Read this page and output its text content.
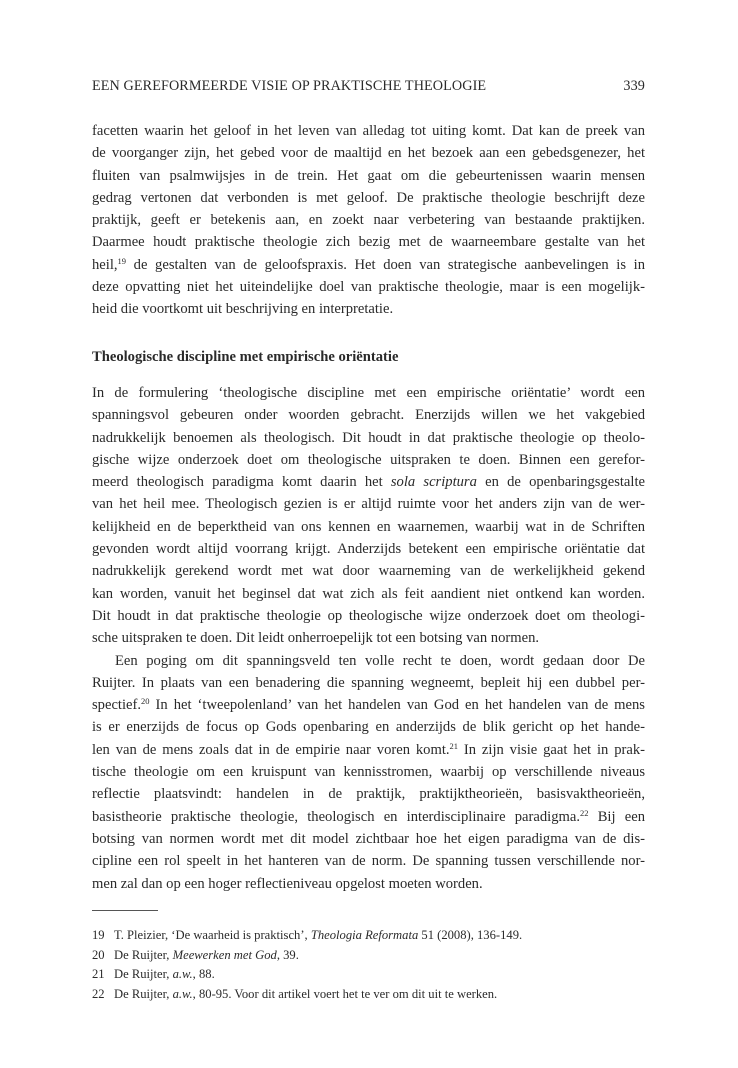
EEN GEREFORMEERDE VISIE OP PRAKTISCHE THEOLOGIE	339
facetten waarin het geloof in het leven van alledag tot uiting komt. Dat kan de preek van
de voorganger zijn, het gebed voor de maaltijd en het bezoek aan een gebedsgenezer, het
fluiten van psalmwijsjes in de trein. Het gaat om die gebeurtenissen waarin mensen
gedrag vertonen dat verbonden is met geloof. De praktische theologie beschrijft deze
praktijk, geeft er betekenis aan, en zoekt naar verbetering van bestaande praktijken.
Daarmee houdt praktische theologie zich bezig met de waarneembare gestalte van het
heil,$^{19}$ de gestalten van de geloofspraxis. Het doen van strategische aanbevelingen is in
deze opvatting niet het uiteindelijke doel van praktische theologie, maar is een mogelijk-
heid die voortkomt uit beschrijving en interpretatie.
Theologische discipline met empirische oriëntatie
In de formulering ‘theologische discipline met een empirische oriëntatie’ wordt een
spanningsvol gebeuren onder woorden gebracht. Enerzijds willen we het vakgebied
nadrukkelijk benoemen als theologisch. Dit houdt in dat praktische theologie op theolo-
gische wijze onderzoek doet om theologische uitspraken te doen. Binnen een gerefor-
meerd theologisch paradigma komt daarin het sola scriptura en de openbaringsgestalte
van het heil mee. Theologisch gezien is er altijd ruimte voor het anders zijn van de wer-
kelijkheid en de beperktheid van ons kennen en waarnemen, waarbij wat in de Schriften
gevonden wordt altijd voorrang krijgt. Anderzijds betekent een empirische oriëntatie dat
nadrukkelijk gerekend wordt met wat door waarneming van de werkelijkheid gekend
kan worden, vanuit het beginsel dat wat zich als feit aandient niet ontkend kan worden.
Dit houdt in dat praktische theologie op theologische wijze onderzoek doet om theologi-
sche uitspraken te doen. Dit leidt onherroepelijk tot een botsing van normen.
Een poging om dit spanningsveld ten volle recht te doen, wordt gedaan door De
Ruijter. In plaats van een benadering die spanning wegneemt, bepleit hij een dubbel per-
spectief.$^{20}$ In het ‘tweepolenland’ van het handelen van God en het handelen van de mens
is er enerzijds de focus op Gods openbaring en anderzijds de blik gericht op het hande-
len van de mens zoals dat in de empirie naar voren komt.$^{21}$ In zijn visie gaat het in prak-
tische theologie om een kruispunt van kennisstromen, waarbij op verschillende niveaus
reflectie plaatsvindt: handelen in de praktijk, praktijktheorieën, basisvaktheorieën,
basistheorie praktische theologie, theologisch en interdisciplinaire paradigma.$^{22}$ Bij een
botsing van normen wordt met dit model zichtbaar hoe het eigen paradigma van de dis-
cipline een rol speelt in het hanteren van de norm. De spanning tussen verschillende nor-
men zal dan op een hoger reflectieniveau opgelost moeten worden.
19 T. Pleizier, ‘De waarheid is praktisch’, Theologia Reformata 51 (2008), 136-149.
20 De Ruijter, Meewerken met God, 39.
21 De Ruijter, a.w., 88.
22 De Ruijter, a.w., 80-95. Voor dit artikel voert het te ver om dit uit te werken.
